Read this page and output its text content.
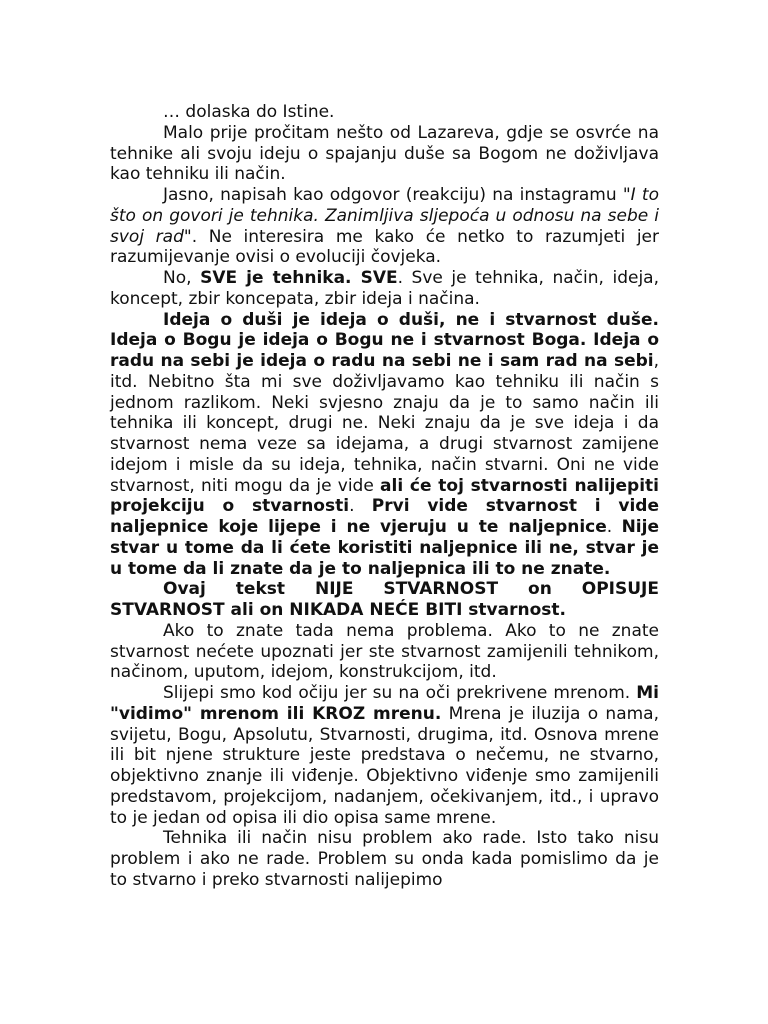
… dolaska do Istine.

Malo prije pročitam nešto od Lazareva, gdje se osvrće na tehnike ali svoju ideju o spajanju duše sa Bogom ne doživljava kao tehniku ili način.

Jasno, napisah kao odgovor (reakciju) na instagramu "I to što on govori je tehnika. Zanimljiva sljepoća u odnosu na sebe i svoj rad". Ne interesira me kako će netko to razumjeti jer razumijevanje ovisi o evoluciji čovjeka.

No, SVE je tehnika. SVE. Sve je tehnika, način, ideja, koncept, zbir koncepata, zbir ideja i načina.

Ideja o duši je ideja o duši, ne i stvarnost duše. Ideja o Bogu je ideja o Bogu ne i stvarnost Boga. Ideja o radu na sebi je ideja o radu na sebi ne i sam rad na sebi, itd. Nebitno šta mi sve doživljavamo kao tehniku ili način s jednom razlikom. Neki svjesno znaju da je to samo način ili tehnika ili koncept, drugi ne. Neki znaju da je sve ideja i da stvarnost nema veze sa idejama, a drugi stvarnost zamijene idejom i misle da su ideja, tehnika, način stvarni. Oni ne vide stvarnost, niti mogu da je vide ali će toj stvarnosti nalijepiti projekciju o stvarnosti. Prvi vide stvarnost i vide naljepnice koje lijepe i ne vjeruju u te naljepnice. Nije stvar u tome da li ćete koristiti naljepnice ili ne, stvar je u tome da li znate da je to naljepnica ili to ne znate.

Ovaj tekst NIJE STVARNOST on OPISUJE STVARNOST ali on NIKADA NEĆE BITI stvarnost.

Ako to znate tada nema problema. Ako to ne znate stvarnost nećete upoznati jer ste stvarnost zamijenili tehnikom, načinom, uputom, idejom, konstrukcijom, itd.

Slijepi smo kod očiju jer su na oči prekrivene mrenom. Mi "vidimo" mrenom ili KROZ mrenu. Mrena je iluzija o nama, svijetu, Bogu, Apsolutu, Stvarnosti, drugima, itd. Osnova mrene ili bit njene strukture jeste predstava o nečemu, ne stvarno, objektivno znanje ili viđenje. Objektivno viđenje smo zamijenili predstavom, projekcijom, nadanjem, očekivanjem, itd., i upravo to je jedan od opisa ili dio opisa same mrene.

Tehnika ili način nisu problem ako rade. Isto tako nisu problem i ako ne rade. Problem su onda kada pomislimo da je to stvarno i preko stvarnosti nalijepimo
